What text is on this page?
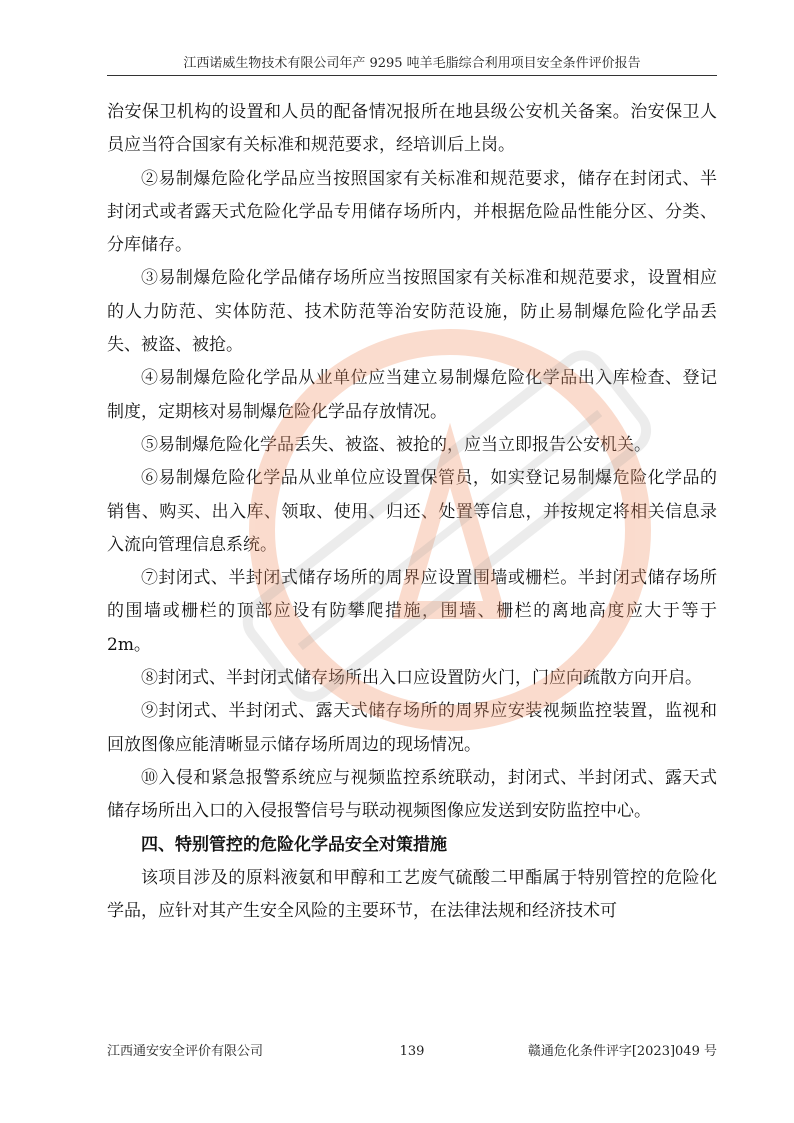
江西诺威生物技术有限公司年产 9295 吨羊毛脂综合利用项目安全条件评价报告

治安保卫机构的设置和人员的配备情况报所在地县级公安机关备案。治安保卫人员应当符合国家有关标准和规范要求，经培训后上岗。

②易制爆危险化学品应当按照国家有关标准和规范要求，储存在封闭式、半封闭式或者露天式危险化学品专用储存场所内，并根据危险品性能分区、分类、分库储存。

③易制爆危险化学品储存场所应当按照国家有关标准和规范要求，设置相应的人力防范、实体防范、技术防范等治安防范设施，防止易制爆危险化学品丢失、被盗、被抢。

④易制爆危险化学品从业单位应当建立易制爆危险化学品出入库检查、登记制度，定期核对易制爆危险化学品存放情况。

⑤易制爆危险化学品丢失、被盗、被抢的，应当立即报告公安机关。

⑥易制爆危险化学品从业单位应设置保管员，如实登记易制爆危险化学品的销售、购买、出入库、领取、使用、归还、处置等信息，并按规定将相关信息录入流向管理信息系统。

⑦封闭式、半封闭式储存场所的周界应设置围墙或栅栏。半封闭式储存场所的围墙或栅栏的顶部应设有防攀爬措施，围墙、栅栏的离地高度应大于等于 2m。

⑧封闭式、半封闭式储存场所出入口应设置防火门，门应向疏散方向开启。

⑨封闭式、半封闭式、露天式储存场所的周界应安装视频监控装置，监视和回放图像应能清晰显示储存场所周边的现场情况。

⑩入侵和紧急报警系统应与视频监控系统联动，封闭式、半封闭式、露天式储存场所出入口的入侵报警信号与联动视频图像应发送到安防监控中心。

四、特别管控的危险化学品安全对策措施

该项目涉及的原料液氨和甲醇和工艺废气硫酸二甲酯属于特别管控的危险化学品，应针对其产生安全风险的主要环节，在法律法规和经济技术可

江西通安安全评价有限公司	139	赣通危化条件评字[2023]049 号
